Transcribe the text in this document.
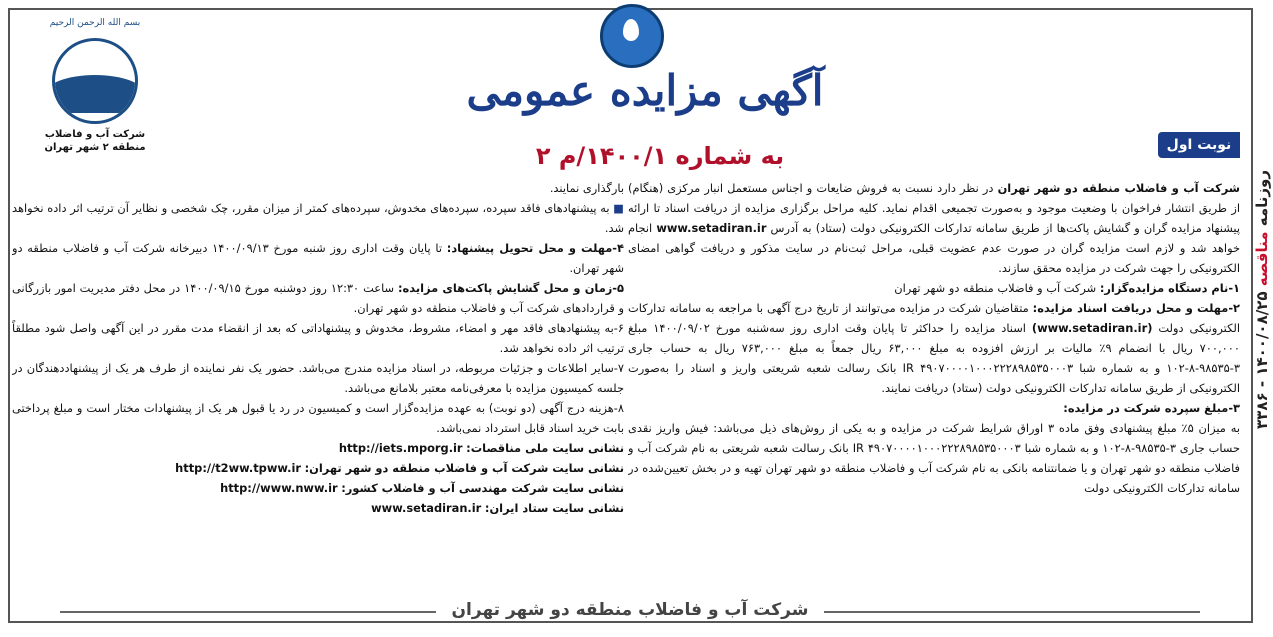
روزنامه مناقصه ۱۴۰۰/۰۸/۲۵ - ۳۳۸۶
بسم الله الرحمن الرحیم
شرکت آب و فاضلاب
منطقه ۲ شهر تهران
آگهی مزایده عمومی
به شماره ۱۴۰۰/۱/م ۲	نوبت اول

شرکت آب و فاضلاب منطقه دو شهر تهران در نظر دارد نسبت به فروش ضایعات و اجناس مستعمل انبار مرکزی (هنگام) از طریق انتشار فراخوان با وضعیت موجود و به‌صورت تجمیعی اقدام نماید. کلیه مراحل برگزاری مزایده از دریافت اسناد تا ارائه پیشنهاد مزایده گران و گشایش پاکت‌ها از طریق سامانه تدارکات الکترونیکی دولت (ستاد) به آدرس www.setadiran.ir انجام خواهد شد و لازم است مزایده گران در صورت عدم عضویت قبلی، مراحل ثبت‌نام در سایت مذکور و دریافت گواهی امضای الکترونیکی را جهت شرکت در مزایده محقق سازند.

۱-نام دستگاه مزایده‌گزار: شرکت آب و فاضلاب منطقه دو شهر تهران

۲-مهلت و محل دریافت اسناد مزایده: متقاضیان شرکت در مزایده می‌توانند از تاریخ درج آگهی با مراجعه به سامانه تدارکات الکترونیکی دولت (www.setadiran.ir) اسناد مزایده را حداکثر تا پایان وقت اداری روز سه‌شنبه مورخ ۱۴۰۰/۰۹/۰۲ مبلغ ۷۰۰,۰۰۰ ریال با انضمام ۹٪ مالیات بر ارزش افزوده به مبلغ ۶۳,۰۰۰ ریال جمعاً به مبلغ ۷۶۳,۰۰۰ ریال به حساب جاری ۳-۹۸۵۳۵-۸-۱۰۲ و به شماره شبا IR ۴۹۰۷۰۰۰۰۱۰۰۰۲۲۲۸۹۸۵۳۵۰۰۰۳ بانک رسالت شعبه شریعتی واریز و اسناد را به‌صورت الکترونیکی از طریق سامانه تدارکات الکترونیکی دولت (ستاد) دریافت نمایند.

۳-مبلغ سپرده شرکت در مزایده:

به میزان ۵٪ مبلغ پیشنهادی وفق ماده ۳ اوراق شرایط شرکت در مزایده و به یکی از روش‌های ذیل می‌باشد: فیش واریز نقدی حساب جاری ۳-۹۸۵۳۵-۸-۱۰۲ و به شماره شبا IR ۴۹۰۷۰۰۰۰۱۰۰۰۲۲۲۸۹۸۵۳۵۰۰۰۳ بانک رسالت شعبه شریعتی به نام شرکت آب و فاضلاب منطقه دو شهر تهران و یا ضمانتنامه بانکی به نام شرکت آب و فاضلاب منطقه دو شهر تهران تهیه و در بخش تعیین‌شده در سامانه تدارکات الکترونیکی دولت

بارگذاری نمایند.

■ به پیشنهادهای فاقد سپرده، سپرده‌های مخدوش، سپرده‌های کمتر از میزان مقرر، چک شخصی و نظایر آن ترتیب اثر داده نخواهد شد.

۴-مهلت و محل تحویل پیشنهاد: تا پایان وقت اداری روز شنبه مورخ ۱۴۰۰/۰۹/۱۳ دبیرخانه شرکت آب و فاضلاب منطقه دو شهر تهران.

۵-زمان و محل گشایش پاکت‌های مزایده: ساعت ۱۲:۳۰ روز دوشنبه مورخ ۱۴۰۰/۰۹/۱۵ در محل دفتر مدیریت امور بازرگانی و قراردادهای شرکت آب و فاضلاب منطقه دو شهر تهران.

۶-به پیشنهادهای فاقد مهر و امضاء، مشروط، مخدوش و پیشنهاداتی که بعد از انقضاء مدت مقرر در این آگهی واصل شود مطلقاً ترتیب اثر داده نخواهد شد.

۷-سایر اطلاعات و جزئیات مربوطه، در اسناد مزایده مندرج می‌باشد. حضور یک نفر نماینده از طرف هر یک از پیشنهاددهندگان در جلسه کمیسیون مزایده با معرفی‌نامه معتبر بلامانع می‌باشد.

۸-هزینه درج آگهی (دو نوبت) به عهده مزایده‌گزار است و کمیسیون در رد یا قبول هر یک از پیشنهادات مختار است و مبلغ پرداختی بابت خرید اسناد قابل استرداد نمی‌باشد.

نشانی سایت ملی مناقصات: http://iets.mporg.ir

نشانی سایت شرکت آب و فاضلاب منطقه دو شهر تهران: http://t2ww.tpww.ir

نشانی سایت شرکت مهندسی آب و فاضلاب کشور: http://www.nww.ir

نشانی سایت ستاد ایران: www.setadiran.ir

شرکت آب و فاضلاب منطقه دو شهر تهران
